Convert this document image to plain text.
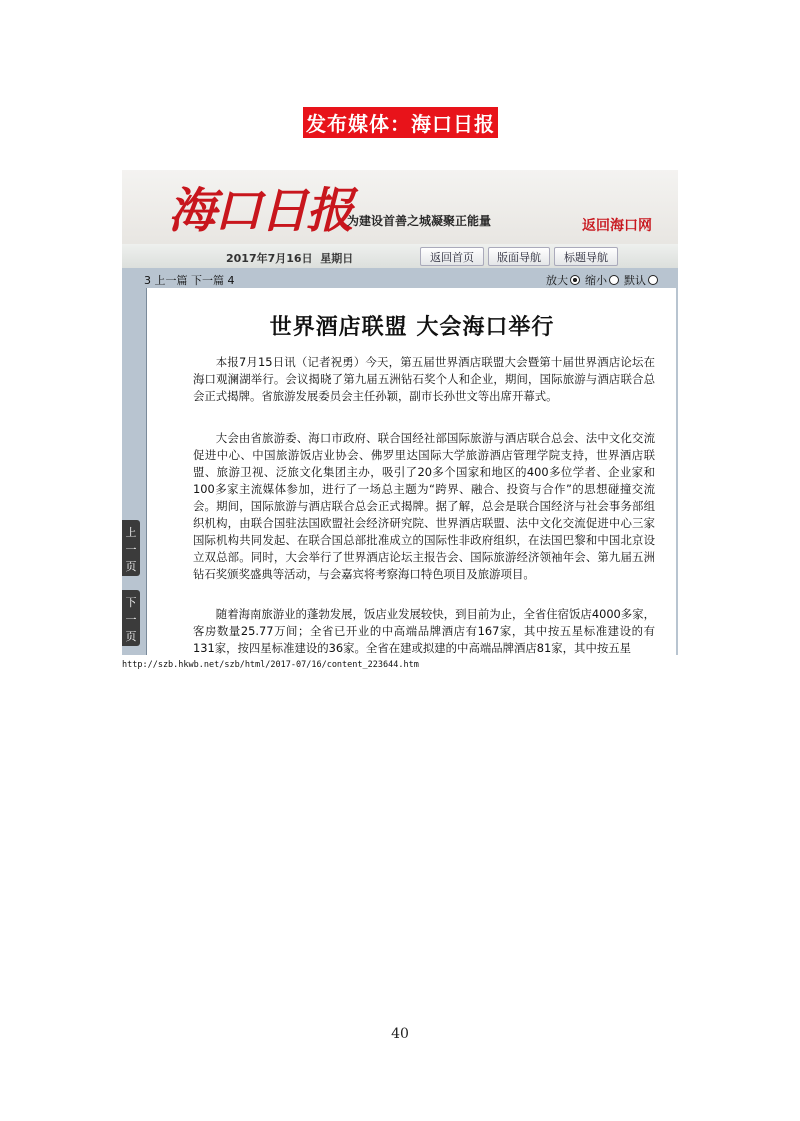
发布媒体：海口日报
海口日报
为建设首善之城凝聚正能量	返回海口网
2017年7月16日 星期日	返回首页	版面导航	标题导航
3 上一篇 下一篇 4	放大	缩小	默认
上一页
下一页
世界酒店联盟 大会海口举行
本报7月15日讯（记者祝勇）今天，第五届世界酒店联盟大会暨第十届世界酒店论坛在海口观澜湖举行。会议揭晓了第九届五洲钻石奖个人和企业，期间，国际旅游与酒店联合总会正式揭牌。省旅游发展委员会主任孙颖，副市长孙世文等出席开幕式。
大会由省旅游委、海口市政府、联合国经社部国际旅游与酒店联合总会、法中文化交流促进中心、中国旅游饭店业协会、佛罗里达国际大学旅游酒店管理学院支持，世界酒店联盟、旅游卫视、泛旅文化集团主办，吸引了20多个国家和地区的400多位学者、企业家和100多家主流媒体参加，进行了一场总主题为“跨界、融合、投资与合作”的思想碰撞交流会。期间，国际旅游与酒店联合总会正式揭牌。据了解，总会是联合国经济与社会事务部组织机构，由联合国驻法国欧盟社会经济研究院、世界酒店联盟、法中文化交流促进中心三家国际机构共同发起、在联合国总部批准成立的国际性非政府组织，在法国巴黎和中国北京设立双总部。同时，大会举行了世界酒店论坛主报告会、国际旅游经济领袖年会、第九届五洲钻石奖颁奖盛典等活动，与会嘉宾将考察海口特色项目及旅游项目。
随着海南旅游业的蓬勃发展，饭店业发展较快，到目前为止，全省住宿饭店4000多家，客房数量25.77万间；全省已开业的中高端品牌酒店有167家，其中按五星标准建设的有131家，按四星标准建设的36家。全省在建或拟建的中高端品牌酒店81家，其中按五星
http://szb.hkwb.net/szb/html/2017-07/16/content_223644.htm
40
